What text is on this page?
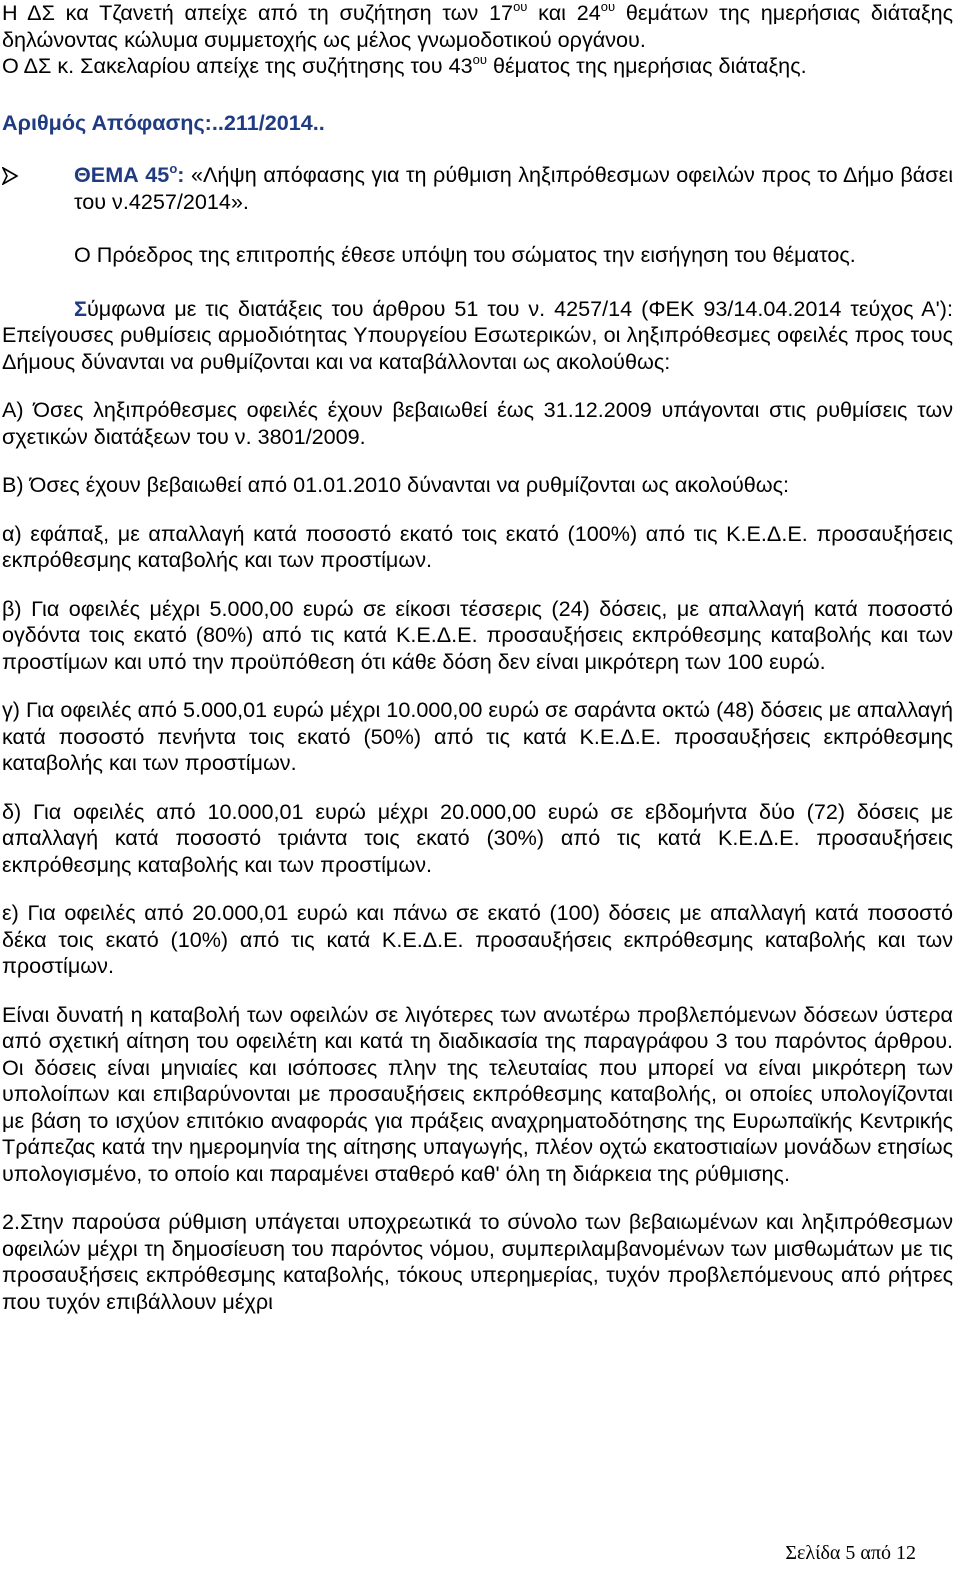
Η ΔΣ κα Τζανετή απείχε από τη συζήτηση των $17^{o\upsilon}$ και $24^{o\upsilon}$ θεμάτων της ημερήσιας διάταξης δηλώνοντας κώλυμα συμμετοχής ως μέλος γνωμοδοτικού οργάνου.

Ο ΔΣ κ. Σακελαρίου απείχε της συζήτησης του $43^{o\upsilon}$ θέματος της ημερήσιας διάταξης.

Αριθμός Απόφασης:..211/2014..

ΘΕΜΑ $45^o$: «Λήψη απόφασης για τη ρύθμιση ληξιπρόθεσμων οφειλών προς το Δήμο βάσει του ν.4257/2014».

Ο Πρόεδρος της επιτροπής έθεσε υπόψη του σώματος την εισήγηση του θέματος.

Σύμφωνα με τις διατάξεις του άρθρου 51 του ν. 4257/14 (ΦΕΚ 93/14.04.2014 τεύχος Α'): Επείγουσες ρυθμίσεις αρμοδιότητας Υπουργείου Εσωτερικών, οι ληξιπρόθεσμες οφειλές προς τους Δήμους δύνανται να ρυθμίζονται και να καταβάλλονται ως ακολούθως:

Α) Όσες ληξιπρόθεσμες οφειλές έχουν βεβαιωθεί έως 31.12.2009 υπάγονται στις ρυθμίσεις των σχετικών διατάξεων του ν. 3801/2009.

Β) Όσες έχουν βεβαιωθεί από 01.01.2010 δύνανται να ρυθμίζονται ως ακολούθως:

α) εφάπαξ, με απαλλαγή κατά ποσοστό εκατό τοις εκατό (100%) από τις Κ.Ε.Δ.Ε. προσαυξήσεις εκπρόθεσμης καταβολής και των προστίμων.

β) Για οφειλές μέχρι 5.000,00 ευρώ σε είκοσι τέσσερις (24) δόσεις, με απαλλαγή κατά ποσοστό ογδόντα τοις εκατό (80%) από τις κατά Κ.Ε.Δ.Ε. προσαυξήσεις εκπρόθεσμης καταβολής και των προστίμων και υπό την προϋπόθεση ότι κάθε δόση δεν είναι μικρότερη των 100 ευρώ.

γ) Για οφειλές από 5.000,01 ευρώ μέχρι 10.000,00 ευρώ σε σαράντα οκτώ (48) δόσεις με απαλλαγή κατά ποσοστό πενήντα τοις εκατό (50%) από τις κατά Κ.Ε.Δ.Ε. προσαυξήσεις εκπρόθεσμης καταβολής και των προστίμων.

δ) Για οφειλές από 10.000,01 ευρώ μέχρι 20.000,00 ευρώ σε εβδομήντα δύο (72) δόσεις με απαλλαγή κατά ποσοστό τριάντα τοις εκατό (30%) από τις κατά Κ.Ε.Δ.Ε. προσαυξήσεις εκπρόθεσμης καταβολής και των προστίμων.

ε) Για οφειλές από 20.000,01 ευρώ και πάνω σε εκατό (100) δόσεις με απαλλαγή κατά ποσοστό δέκα τοις εκατό (10%) από τις κατά Κ.Ε.Δ.Ε. προσαυξήσεις εκπρόθεσμης καταβολής και των προστίμων.

Είναι δυνατή η καταβολή των οφειλών σε λιγότερες των ανωτέρω προβλεπόμενων δόσεων ύστερα από σχετική αίτηση του οφειλέτη και κατά τη διαδικασία της παραγράφου 3 του παρόντος άρθρου. Οι δόσεις είναι μηνιαίες και ισόποσες πλην της τελευταίας που μπορεί να είναι μικρότερη των υπολοίπων και επιβαρύνονται με προσαυξήσεις εκπρόθεσμης καταβολής, οι οποίες υπολογίζονται με βάση το ισχύον επιτόκιο αναφοράς για πράξεις αναχρηματοδότησης της Ευρωπαϊκής Κεντρικής Τράπεζας κατά την ημερομηνία της αίτησης υπαγωγής, πλέον οχτώ εκατοστιαίων μονάδων ετησίως υπολογισμένο, το οποίο και παραμένει σταθερό καθ' όλη τη διάρκεια της ρύθμισης.

2.Στην παρούσα ρύθμιση υπάγεται υποχρεωτικά το σύνολο των βεβαιωμένων και ληξιπρόθεσμων οφειλών μέχρι τη δημοσίευση του παρόντος νόμου, συμπεριλαμβανομένων των μισθωμάτων με τις προσαυξήσεις εκπρόθεσμης καταβολής, τόκους υπερημερίας, τυχόν προβλεπόμενους από ρήτρες που τυχόν επιβάλλουν μέχρι

Σελίδα 5 από 12
